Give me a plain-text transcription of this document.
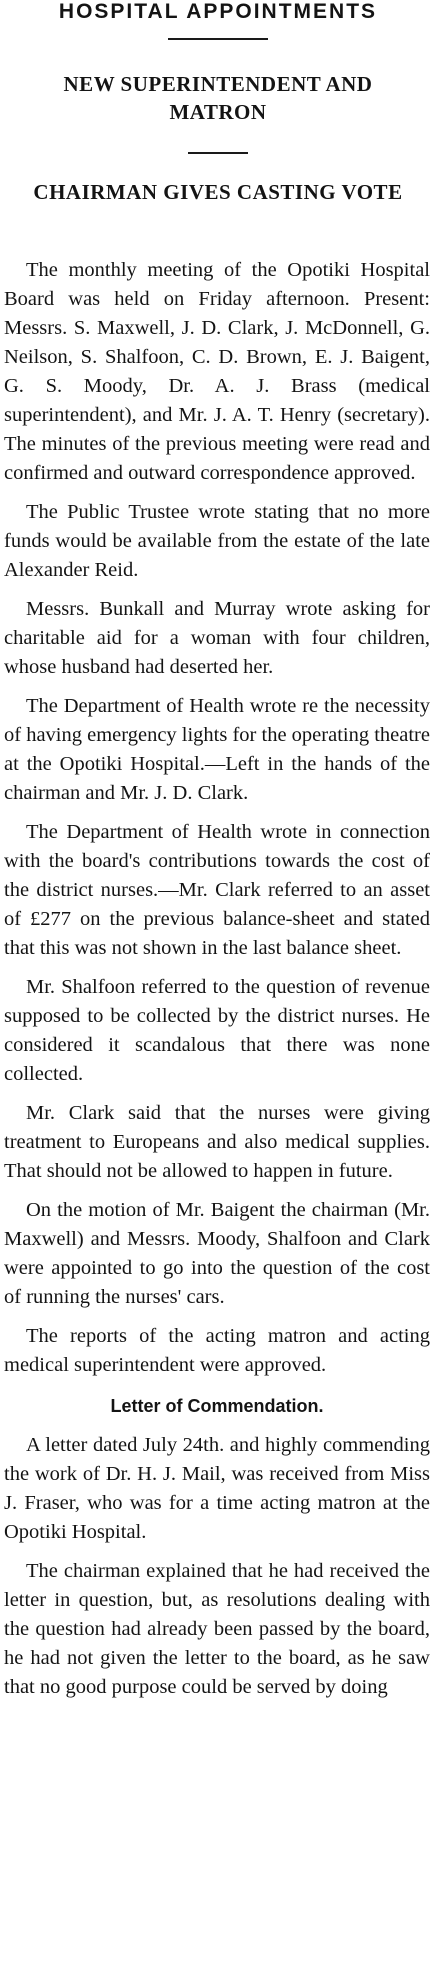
HOSPITAL APPOINTMENTS
NEW SUPERINTENDENT AND MATRON
CHAIRMAN GIVES CASTING VOTE

The monthly meeting of the Opotiki Hospital Board was held on Friday afternoon. Present: Messrs. S. Maxwell, J. D. Clark, J. McDonnell, G. Neilson, S. Shalfoon, C. D. Brown, E. J. Baigent, G. S. Moody, Dr. A. J. Brass (medical superintendent), and Mr. J. A. T. Henry (secretary). The minutes of the previous meeting were read and confirmed and outward correspondence approved.

The Public Trustee wrote stating that no more funds would be available from the estate of the late Alexander Reid.

Messrs. Bunkall and Murray wrote asking for charitable aid for a woman with four children, whose husband had deserted her.

The Department of Health wrote re the necessity of having emergency lights for the operating theatre at the Opotiki Hospital.—Left in the hands of the chairman and Mr. J. D. Clark.

The Department of Health wrote in connection with the board's contributions towards the cost of the district nurses.—Mr. Clark referred to an asset of £277 on the previous balance-sheet and stated that this was not shown in the last balance sheet.

Mr. Shalfoon referred to the question of revenue supposed to be collected by the district nurses. He considered it scandalous that there was none collected.

Mr. Clark said that the nurses were giving treatment to Europeans and also medical supplies. That should not be allowed to happen in future.

On the motion of Mr. Baigent the chairman (Mr. Maxwell) and Messrs. Moody, Shalfoon and Clark were appointed to go into the question of the cost of running the nurses' cars.

The reports of the acting matron and acting medical superintendent were approved.

Letter of Commendation.

A letter dated July 24th. and highly commending the work of Dr. H. J. Mail, was received from Miss J. Fraser, who was for a time acting matron at the Opotiki Hospital.

The chairman explained that he had received the letter in question, but, as resolutions dealing with the question had already been passed by the board, he had not given the letter to the board, as he saw that no good purpose could be served by doing
